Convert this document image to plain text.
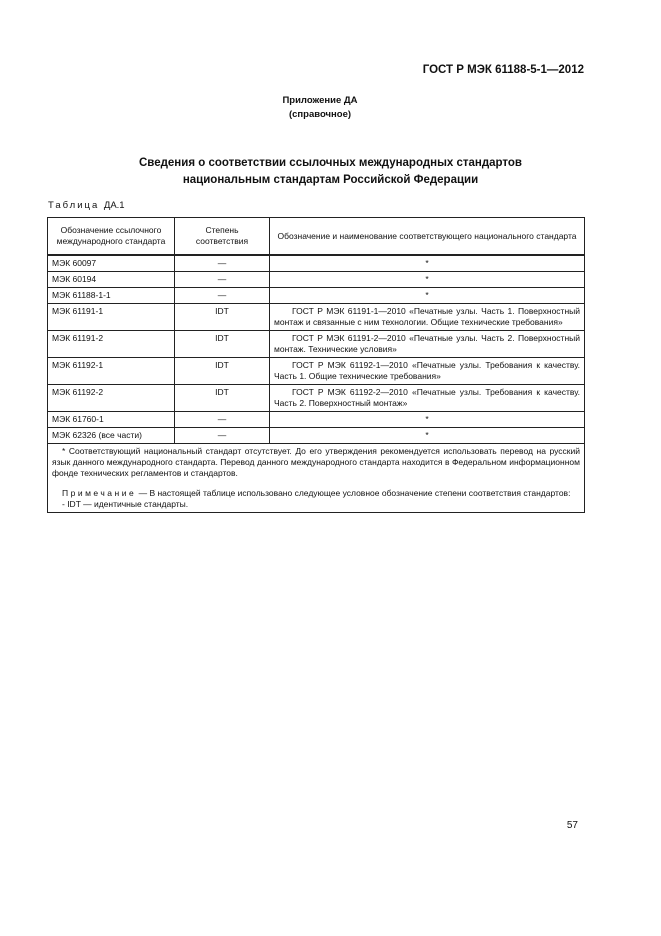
ГОСТ Р МЭК 61188-5-1—2012
Приложение ДА
(справочное)
Сведения о соответствии ссылочных международных стандартов
национальным стандартам Российской Федерации
Таблица ДА.1
Обозначение ссылочного международного стандарта	Степень соответствия	Обозначение и наименование соответствующего национального стандарта
МЭК 60097	—	*
МЭК 60194	—	*
МЭК 61188-1-1	—	*
МЭК 61191-1	IDT	ГОСТ Р МЭК 61191-1—2010 «Печатные узлы. Часть 1. Поверхностный монтаж и связанные с ним технологии. Общие технические требования»
МЭК 61191-2	IDT	ГОСТ Р МЭК 61191-2—2010 «Печатные узлы. Часть 2. Поверхностный монтаж. Технические условия»
МЭК 61192-1	IDT	ГОСТ Р МЭК 61192-1—2010 «Печатные узлы. Требования к качеству. Часть 1. Общие технические требования»
МЭК 61192-2	IDT	ГОСТ Р МЭК 61192-2—2010 «Печатные узлы. Требования к качеству. Часть 2. Поверхностный монтаж»
МЭК 61760-1	—	*
МЭК 62326 (все части)	—	*

* Соответствующий национальный стандарт отсутствует. До его утверждения рекомендуется использовать перевод на русский язык данного международного стандарта. Перевод данного международного стандарта находится в Федеральном информационном фонде технических регламентов и стандартов.

Примечание — В настоящей таблице использовано следующее условное обозначение степени соответствия стандартов:

- IDT — идентичные стандарты.		

57
